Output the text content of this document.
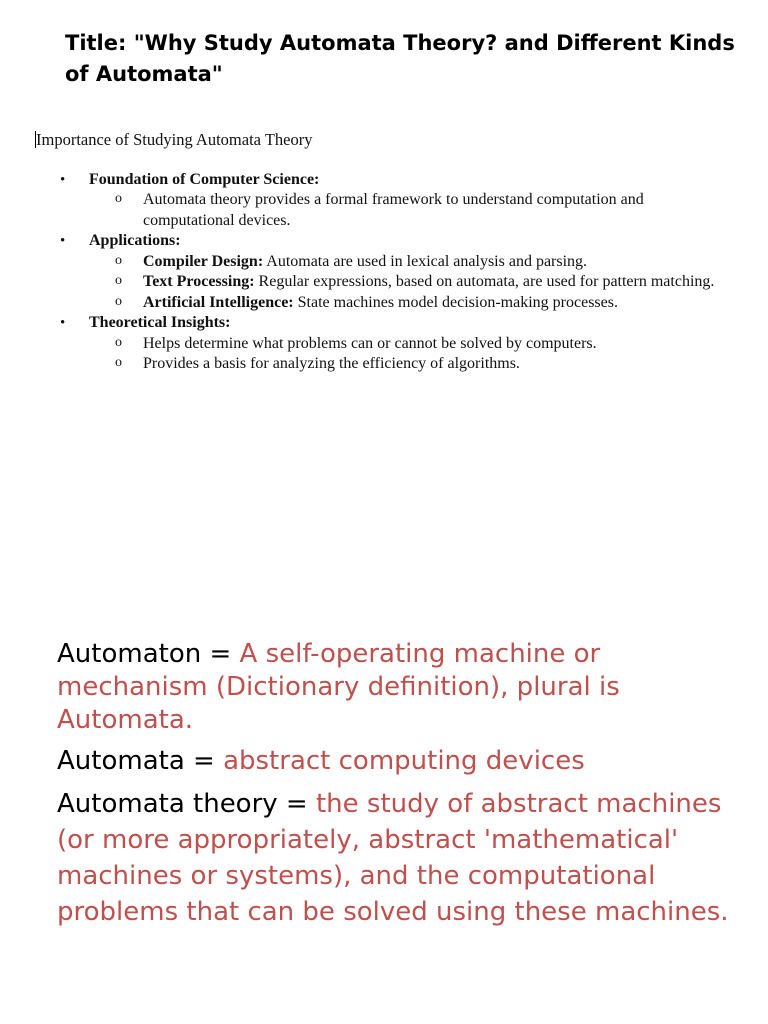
Title: "Why Study Automata Theory? and Different Kinds of Automata"
Importance of Studying Automata Theory
• Foundation of Computer Science:
o Automata theory provides a formal framework to understand computation and computational devices.
• Applications:
o Compiler Design: Automata are used in lexical analysis and parsing.
o Text Processing: Regular expressions, based on automata, are used for pattern matching.
o Artificial Intelligence: State machines model decision-making processes.
• Theoretical Insights:
o Helps determine what problems can or cannot be solved by computers.
o Provides a basis for analyzing the efficiency of algorithms.

Automaton = A self-operating machine or mechanism (Dictionary definition), plural is Automata.

Automata = abstract computing devices

Automata theory = the study of abstract machines (or more appropriately, abstract 'mathematical' machines or systems), and the computational problems that can be solved using these machines.
